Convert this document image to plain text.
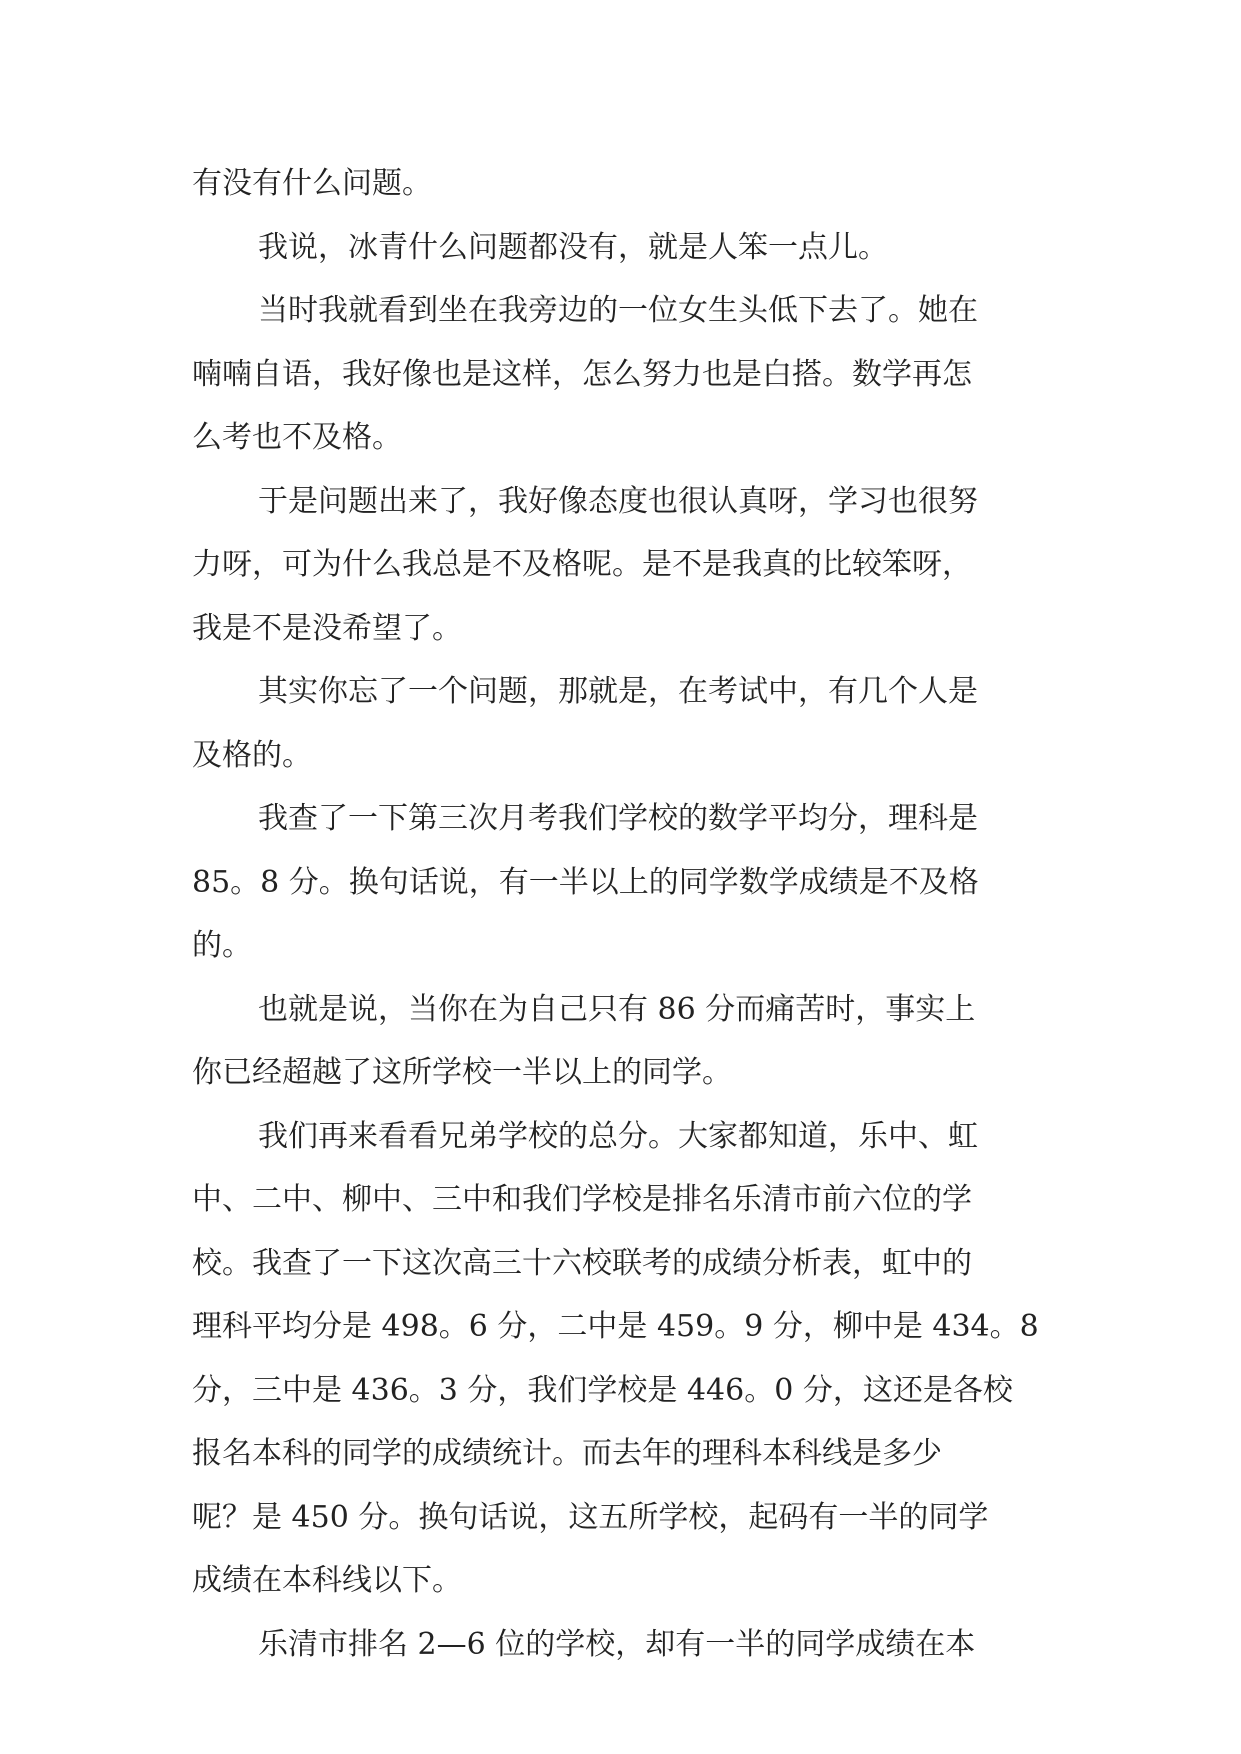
有没有什么问题。
我说，冰青什么问题都没有，就是人笨一点儿。
当时我就看到坐在我旁边的一位女生头低下去了。她在
喃喃自语，我好像也是这样，怎么努力也是白搭。数学再怎
么考也不及格。
于是问题出来了，我好像态度也很认真呀，学习也很努
力呀，可为什么我总是不及格呢。是不是我真的比较笨呀，
我是不是没希望了。
其实你忘了一个问题，那就是，在考试中，有几个人是
及格的。
我查了一下第三次月考我们学校的数学平均分，理科是
85。8 分。换句话说，有一半以上的同学数学成绩是不及格
的。
也就是说，当你在为自己只有 86 分而痛苦时，事实上
你已经超越了这所学校一半以上的同学。
我们再来看看兄弟学校的总分。大家都知道，乐中、虹
中、二中、柳中、三中和我们学校是排名乐清市前六位的学
校。我查了一下这次高三十六校联考的成绩分析表，虹中的
理科平均分是 498。6 分，二中是 459。9 分，柳中是 434。8
分，三中是 436。3 分，我们学校是 446。0 分，这还是各校
报名本科的同学的成绩统计。而去年的理科本科线是多少
呢？是 450 分。换句话说，这五所学校，起码有一半的同学
成绩在本科线以下。
乐清市排名 2—6 位的学校，却有一半的同学成绩在本
